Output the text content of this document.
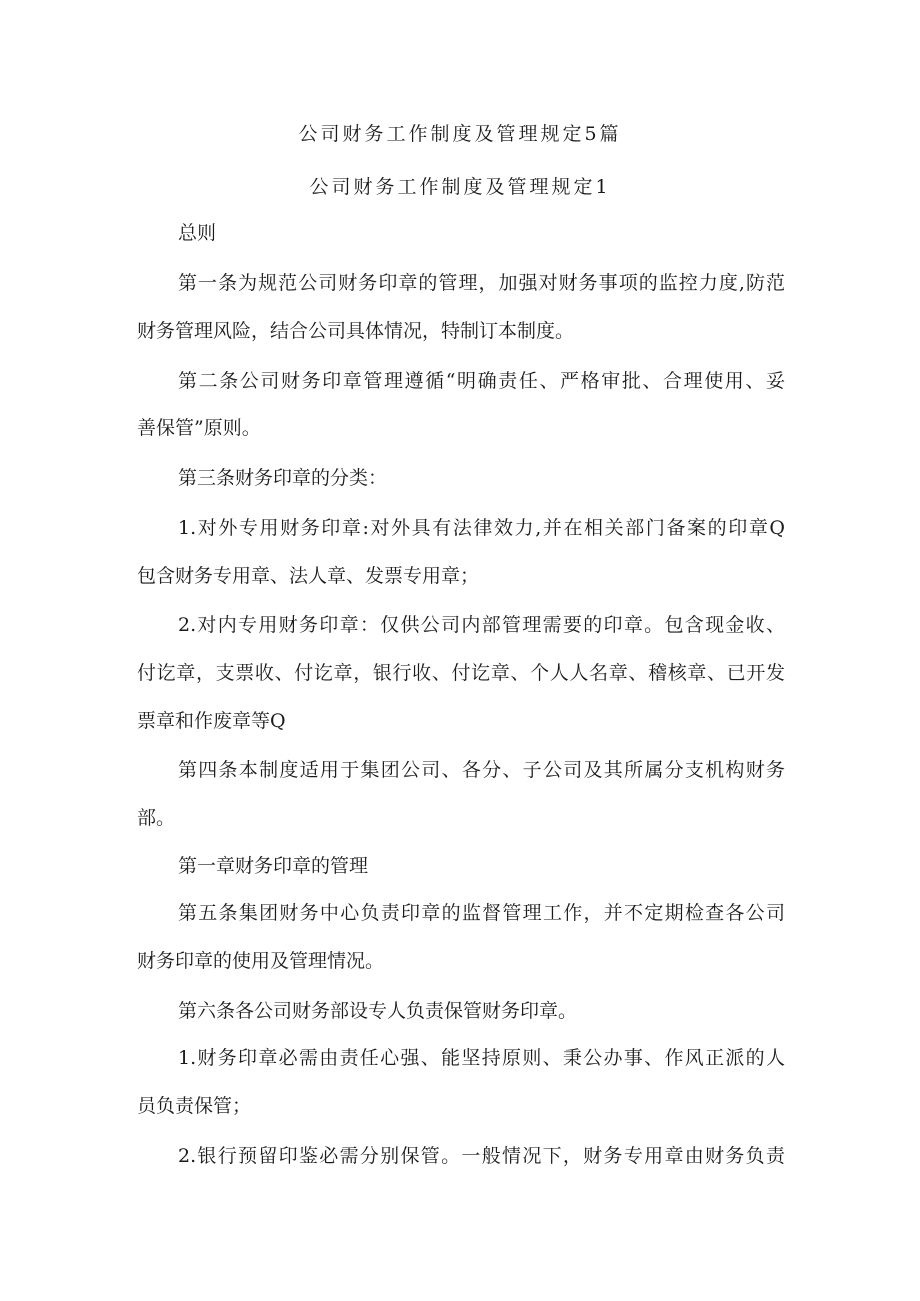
公司财务工作制度及管理规定5篇
公司财务工作制度及管理规定1
总则
第一条为规范公司财务印章的管理，加强对财务事项的监控力度,防范
财务管理风险，结合公司具体情况，特制订本制度。
第二条公司财务印章管理遵循“明确责任、严格审批、合理使用、妥
善保管”原则。
第三条财务印章的分类：
1.对外专用财务印章:对外具有法律效力,并在相关部门备案的印章Q
包含财务专用章、法人章、发票专用章；
2.对内专用财务印章：仅供公司内部管理需要的印章。包含现金收、
付讫章，支票收、付讫章，银行收、付讫章、个人人名章、稽核章、已开发
票章和作废章等Q
第四条本制度适用于集团公司、各分、子公司及其所属分支机构财务
部。
第一章财务印章的管理
第五条集团财务中心负责印章的监督管理工作，并不定期检查各公司
财务印章的使用及管理情况。
第六条各公司财务部设专人负责保管财务印章。
1.财务印章必需由责任心强、能坚持原则、秉公办事、作风正派的人
员负责保管；
2.银行预留印鉴必需分别保管。一般情况下，财务专用章由财务负责
